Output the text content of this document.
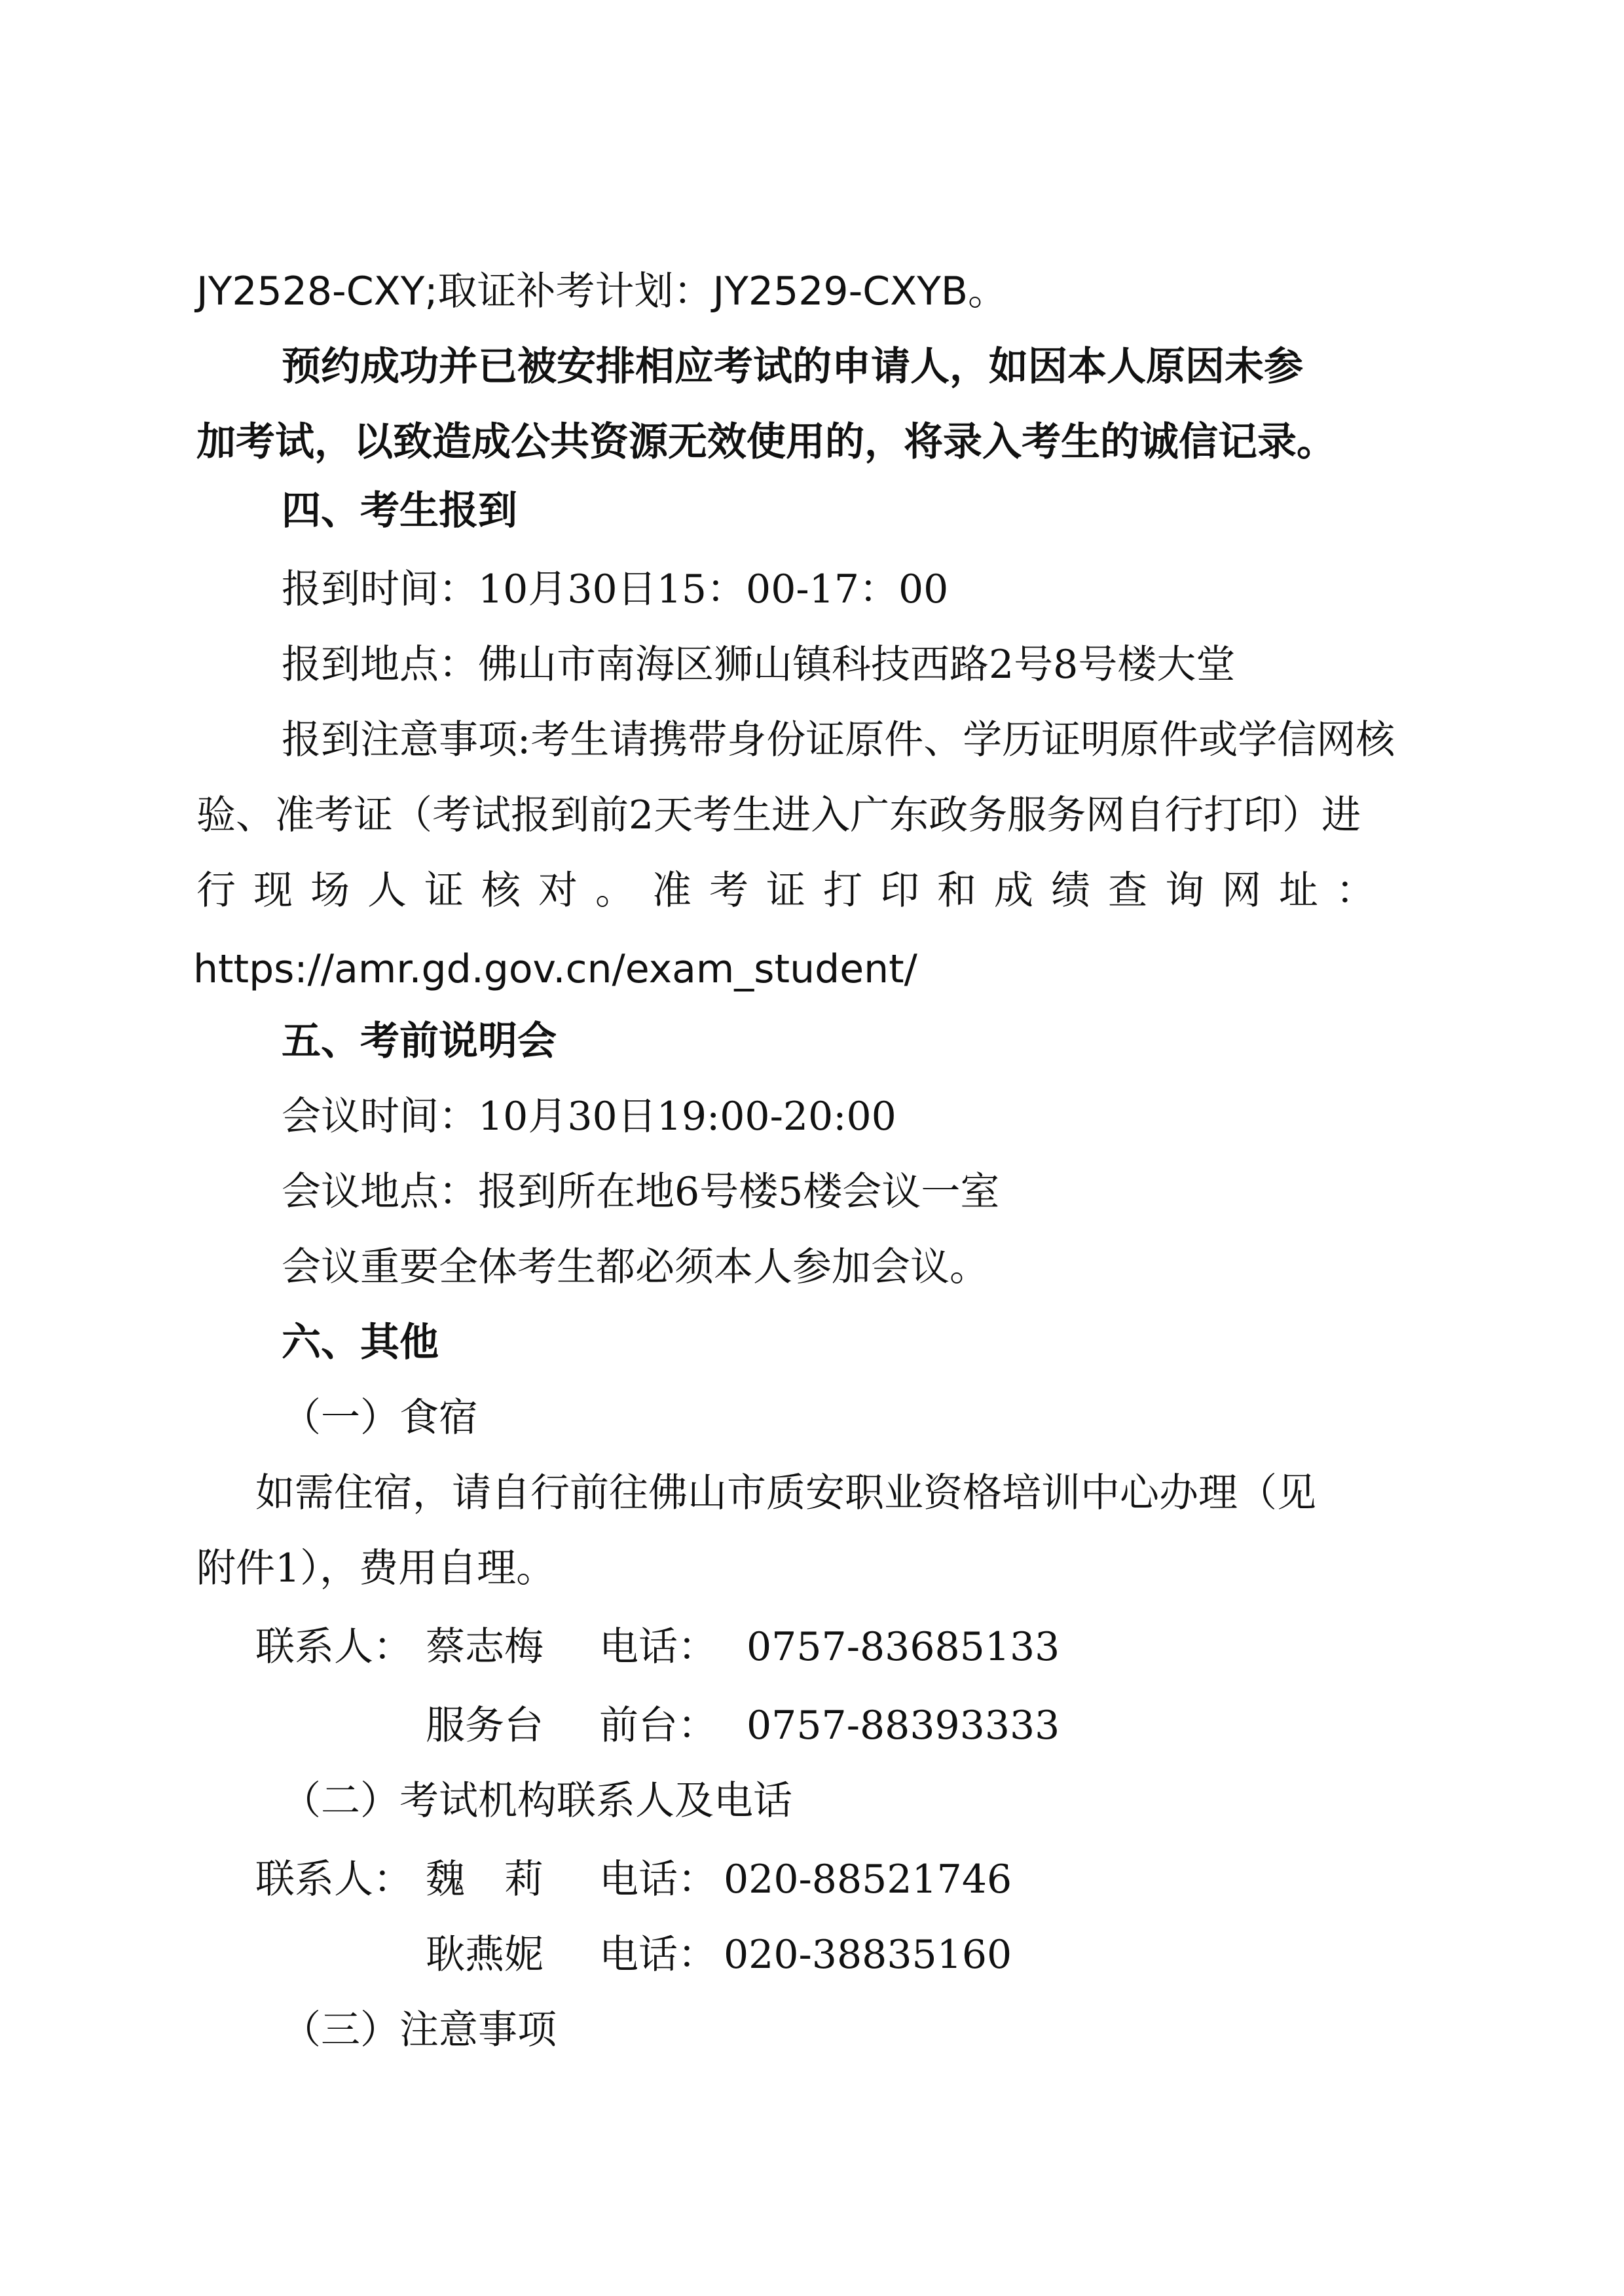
JY2528-CXY;取证补考计划：JY2529-CXYB。
预约成功并已被安排相应考试的申请人，如因本人原因未参
加考试，以致造成公共资源无效使用的，将录入考生的诚信记录。
四、考生报到
报到时间：10月30日15：00-17：00
报到地点：佛山市南海区狮山镇科技西路2号8号楼大堂
报到注意事项:考生请携带身份证原件、学历证明原件或学信网核
验、准考证（考试报到前2天考生进入广东政务服务网自行打印）进
行 现 场 人 证 核 对 。 准 考 证 打 印 和 成 绩 查 询 网 址 ：
https://amr.gd.gov.cn/exam_student/
五、考前说明会
会议时间：10月30日19:00-20:00
会议地点：报到所在地6号楼5楼会议一室
会议重要全体考生都必须本人参加会议。
六、其他
（一）食宿
如需住宿，请自行前往佛山市质安职业资格培训中心办理（见
附件1），费用自理。
联系人： 蔡志梅 电话： 0757-83685133
服务台 前台： 0757-88393333
（二）考试机构联系人及电话
联系人： 魏　莉 电话： 020-88521746
耿燕妮 电话： 020-38835160
（三）注意事项
